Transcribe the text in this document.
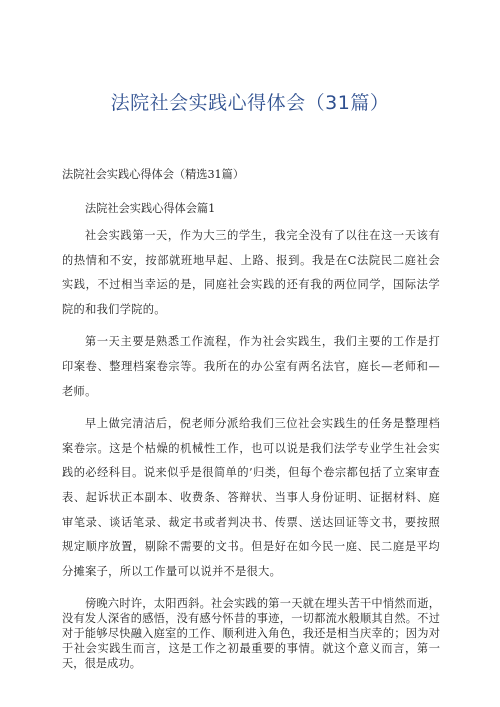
法院社会实践心得体会（31篇）

法院社会实践心得体会（精选31篇）

法院社会实践心得体会篇1

社会实践第一天，作为大三的学生，我完全没有了以往在这一天该有的热情和不安，按部就班地早起、上路、报到。我是在C法院民二庭社会实践，不过相当幸运的是，同庭社会实践的还有我的两位同学，国际法学院的和我们学院的。

第一天主要是熟悉工作流程，作为社会实践生，我们主要的工作是打印案卷、整理档案卷宗等。我所在的办公室有两名法官，庭长—老师和—老师。

早上做完清洁后，倪老师分派给我们三位社会实践生的任务是整理档案卷宗。这是个枯燥的机械性工作，也可以说是我们法学专业学生社会实践的必经科目。说来似乎是很简单的’归类，但每个卷宗都包括了立案审查表、起诉状正本副本、收费条、答辩状、当事人身份证明、证据材料、庭审笔录、谈话笔录、裁定书或者判决书、传票、送达回证等文书，要按照规定顺序放置，剔除不需要的文书。但是好在如今民一庭、民二庭是平均分摊案子，所以工作量可以说并不是很大。

傍晚六时许，太阳西斜。社会实践的第一天就在埋头苦干中悄然而逝，没有发人深省的感悟，没有感兮怀昔的事迹，一切都流水般顺其自然。不过对于能够尽快融入庭室的工作、顺利进入角色，我还是相当庆幸的；因为对于社会实践生而言，这是工作之初最重要的事情。就这个意义而言，第一天，很是成功。
